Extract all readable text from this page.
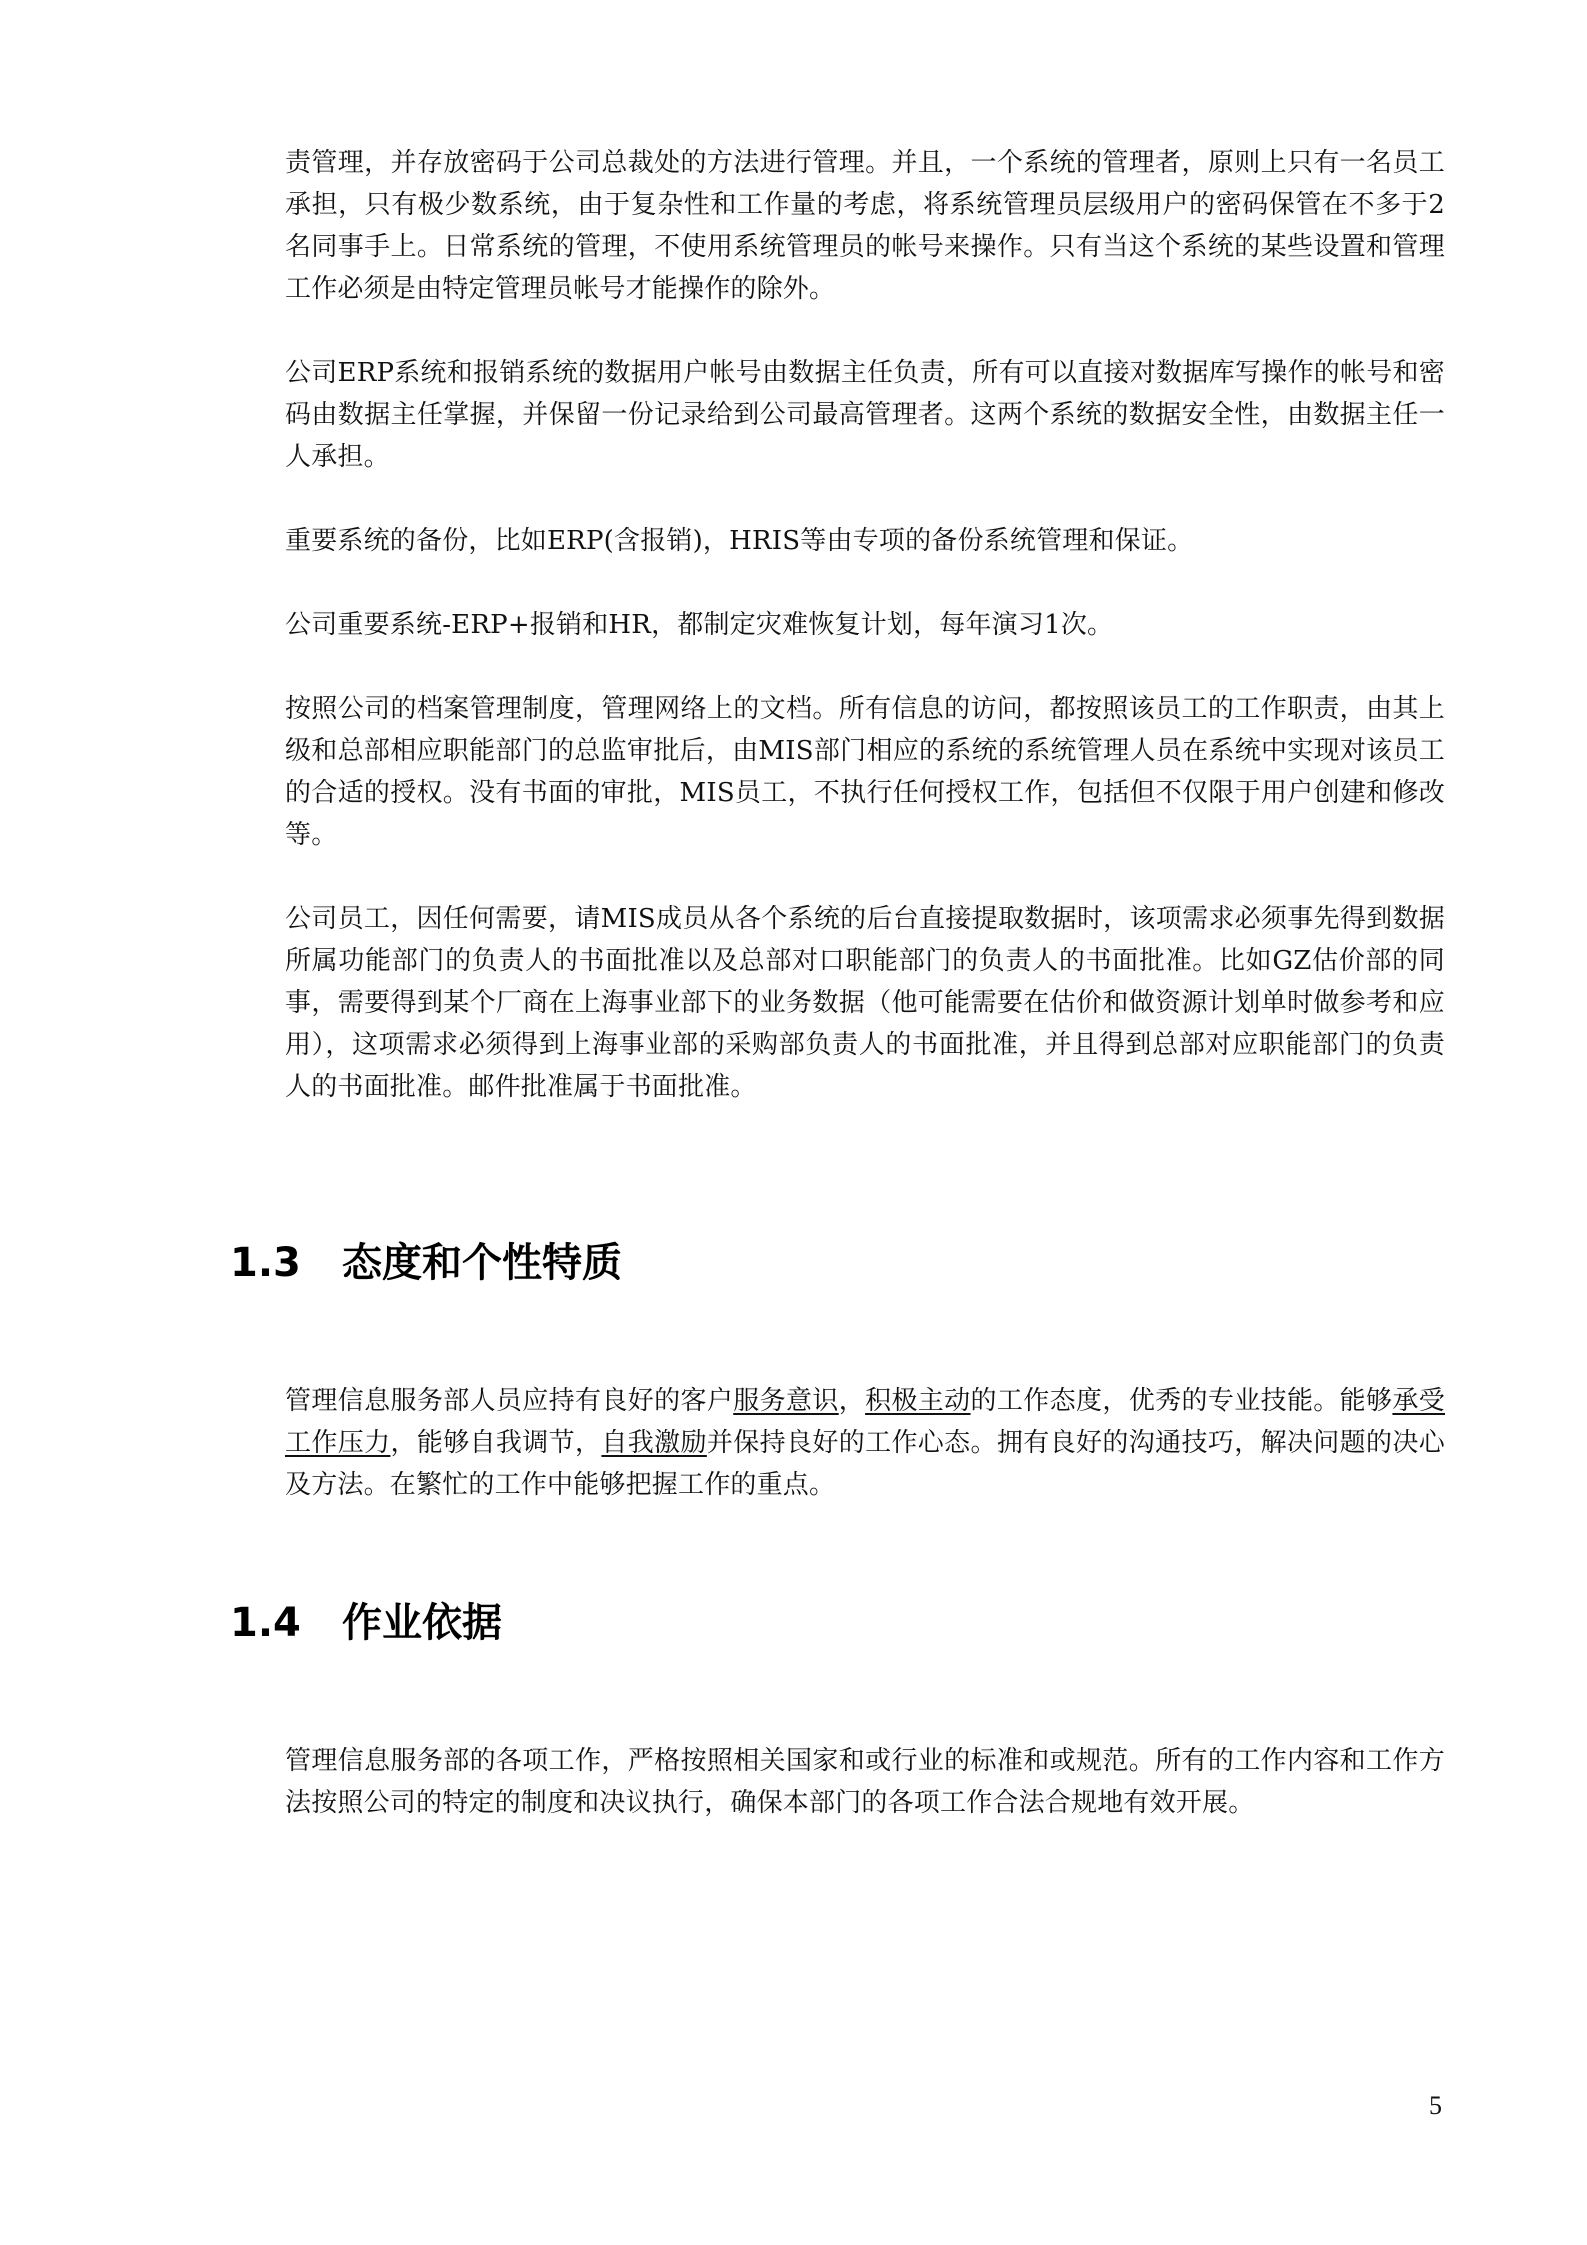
责管理，并存放密码于公司总裁处的方法进行管理。并且，一个系统的管理者，原则上只有一名员工承担，只有极少数系统，由于复杂性和工作量的考虑，将系统管理员层级用户的密码保管在不多于2名同事手上。日常系统的管理，不使用系统管理员的帐号来操作。只有当这个系统的某些设置和管理工作必须是由特定管理员帐号才能操作的除外。

公司ERP系统和报销系统的数据用户帐号由数据主任负责，所有可以直接对数据库写操作的帐号和密码由数据主任掌握，并保留一份记录给到公司最高管理者。这两个系统的数据安全性，由数据主任一人承担。

重要系统的备份，比如ERP(含报销)，HRIS等由专项的备份系统管理和保证。

公司重要系统-ERP+报销和HR，都制定灾难恢复计划，每年演习1次。

按照公司的档案管理制度，管理网络上的文档。所有信息的访问，都按照该员工的工作职责，由其上级和总部相应职能部门的总监审批后，由MIS部门相应的系统的系统管理人员在系统中实现对该员工的合适的授权。没有书面的审批，MIS员工，不执行任何授权工作，包括但不仅限于用户创建和修改等。

公司员工，因任何需要，请MIS成员从各个系统的后台直接提取数据时，该项需求必须事先得到数据所属功能部门的负责人的书面批准以及总部对口职能部门的负责人的书面批准。比如GZ估价部的同事，需要得到某个厂商在上海事业部下的业务数据（他可能需要在估价和做资源计划单时做参考和应用），这项需求必须得到上海事业部的采购部负责人的书面批准，并且得到总部对应职能部门的负责人的书面批准。邮件批准属于书面批准。

1.3 态度和个性特质

管理信息服务部人员应持有良好的客户服务意识，积极主动的工作态度，优秀的专业技能。能够承受工作压力，能够自我调节，自我激励并保持良好的工作心态。拥有良好的沟通技巧，解决问题的决心及方法。在繁忙的工作中能够把握工作的重点。

1.4 作业依据

管理信息服务部的各项工作，严格按照相关国家和或行业的标准和或规范。所有的工作内容和工作方法按照公司的特定的制度和决议执行，确保本部门的各项工作合法合规地有效开展。

5
